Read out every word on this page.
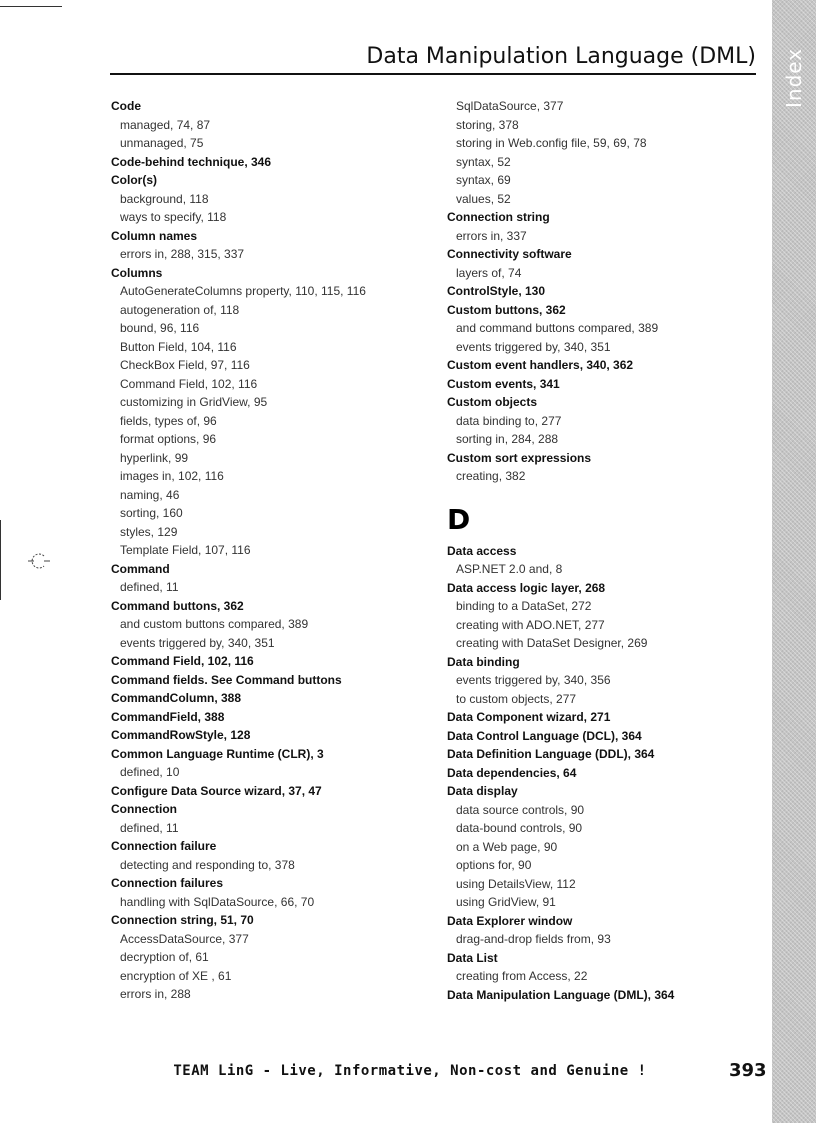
Index
Data Manipulation Language (DML)
Code
managed, 74, 87
unmanaged, 75
Code-behind technique, 346
Color(s)
background, 118
ways to specify, 118
Column names
errors in, 288, 315, 337
Columns
AutoGenerateColumns property, 110, 115, 116
autogeneration of, 118
bound, 96, 116
Button Field, 104, 116
CheckBox Field, 97, 116
Command Field, 102, 116
customizing in GridView, 95
fields, types of, 96
format options, 96
hyperlink, 99
images in, 102, 116
naming, 46
sorting, 160
styles, 129
Template Field, 107, 116
Command
defined, 11
Command buttons, 362
and custom buttons compared, 389
events triggered by, 340, 351
Command Field, 102, 116
Command fields. See Command buttons
CommandColumn, 388
CommandField, 388
CommandRowStyle, 128
Common Language Runtime (CLR), 3
defined, 10
Configure Data Source wizard, 37, 47
Connection
defined, 11
Connection failure
detecting and responding to, 378
Connection failures
handling with SqlDataSource, 66, 70
Connection string, 51, 70
AccessDataSource, 377
decryption of, 61
encryption of XE , 61
errors in, 288
SqlDataSource, 377
storing, 378
storing in Web.config file, 59, 69, 78
syntax, 52
syntax, 69
values, 52
Connection string
errors in, 337
Connectivity software
layers of, 74
ControlStyle, 130
Custom buttons, 362
and command buttons compared, 389
events triggered by, 340, 351
Custom event handlers, 340, 362
Custom events, 341
Custom objects
data binding to, 277
sorting in, 284, 288
Custom sort expressions
creating, 382
D
Data access
ASP.NET 2.0 and, 8
Data access logic layer, 268
binding to a DataSet, 272
creating with ADO.NET, 277
creating with DataSet Designer, 269
Data binding
events triggered by, 340, 356
to custom objects, 277
Data Component wizard, 271
Data Control Language (DCL), 364
Data Definition Language (DDL), 364
Data dependencies, 64
Data display
data source controls, 90
data-bound controls, 90
on a Web page, 90
options for, 90
using DetailsView, 112
using GridView, 91
Data Explorer window
drag-and-drop fields from, 93
Data List
creating from Access, 22
Data Manipulation Language (DML), 364
TEAM LinG - Live, Informative, Non-cost and Genuine !	393
